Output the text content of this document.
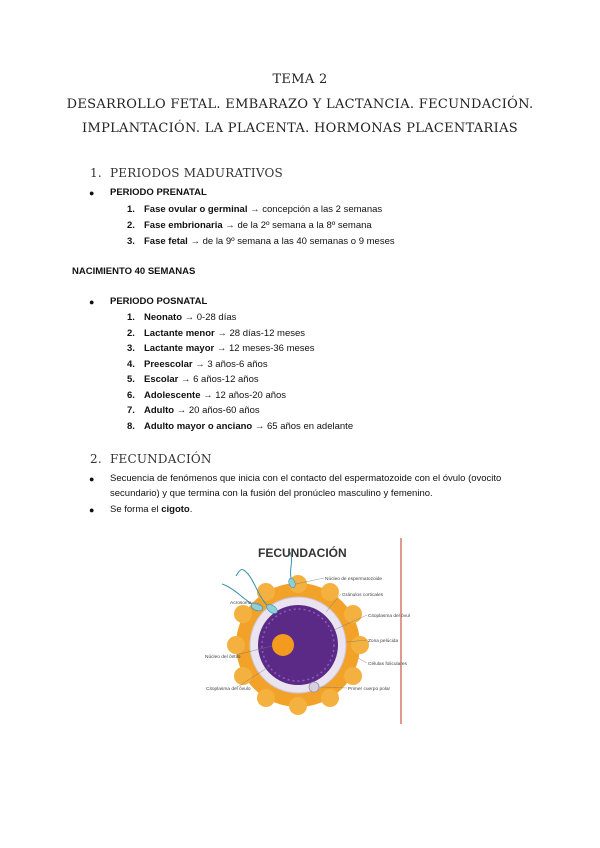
TEMA 2
DESARROLLO FETAL. EMBARAZO Y LACTANCIA. FECUNDACIÓN.
IMPLANTACIÓN. LA PLACENTA. HORMONAS PLACENTARIAS
1. PERIODOS MADURATIVOS
● PERIODO PRENATAL
1. Fase ovular o germinal → concepción a las 2 semanas
2. Fase embrionaria → de la 2º semana a la 8º semana
3. Fase fetal → de la 9º semana a las 40 semanas o 9 meses
NACIMIENTO 40 SEMANAS
● PERIODO POSNATAL
1. Neonato → 0-28 días
2. Lactante menor → 28 días-12 meses
3. Lactante mayor → 12 meses-36 meses
4. Preescolar → 3 años-6 años
5. Escolar → 6 años-12 años
6. Adolescente → 12 años-20 años
7. Adulto → 20 años-60 años
8. Adulto mayor o anciano → 65 años en adelante
2. FECUNDACIÓN
● Secuencia de fenómenos que inicia con el contacto del espermatozoide con el óvulo (ovocito
secundario) y que termina con la fusión del pronúcleo masculino y femenino.
● Se forma el cigoto.
FECUNDACIÓN
Acrosoma
Núcleo de espermatozoide
Gránulos corticales
Citoplasma del óvulo
Zona pelúcida
Células foliculares
Primer cuerpo polar
Núcleo del óvulo
Citoplasma del óvulo
